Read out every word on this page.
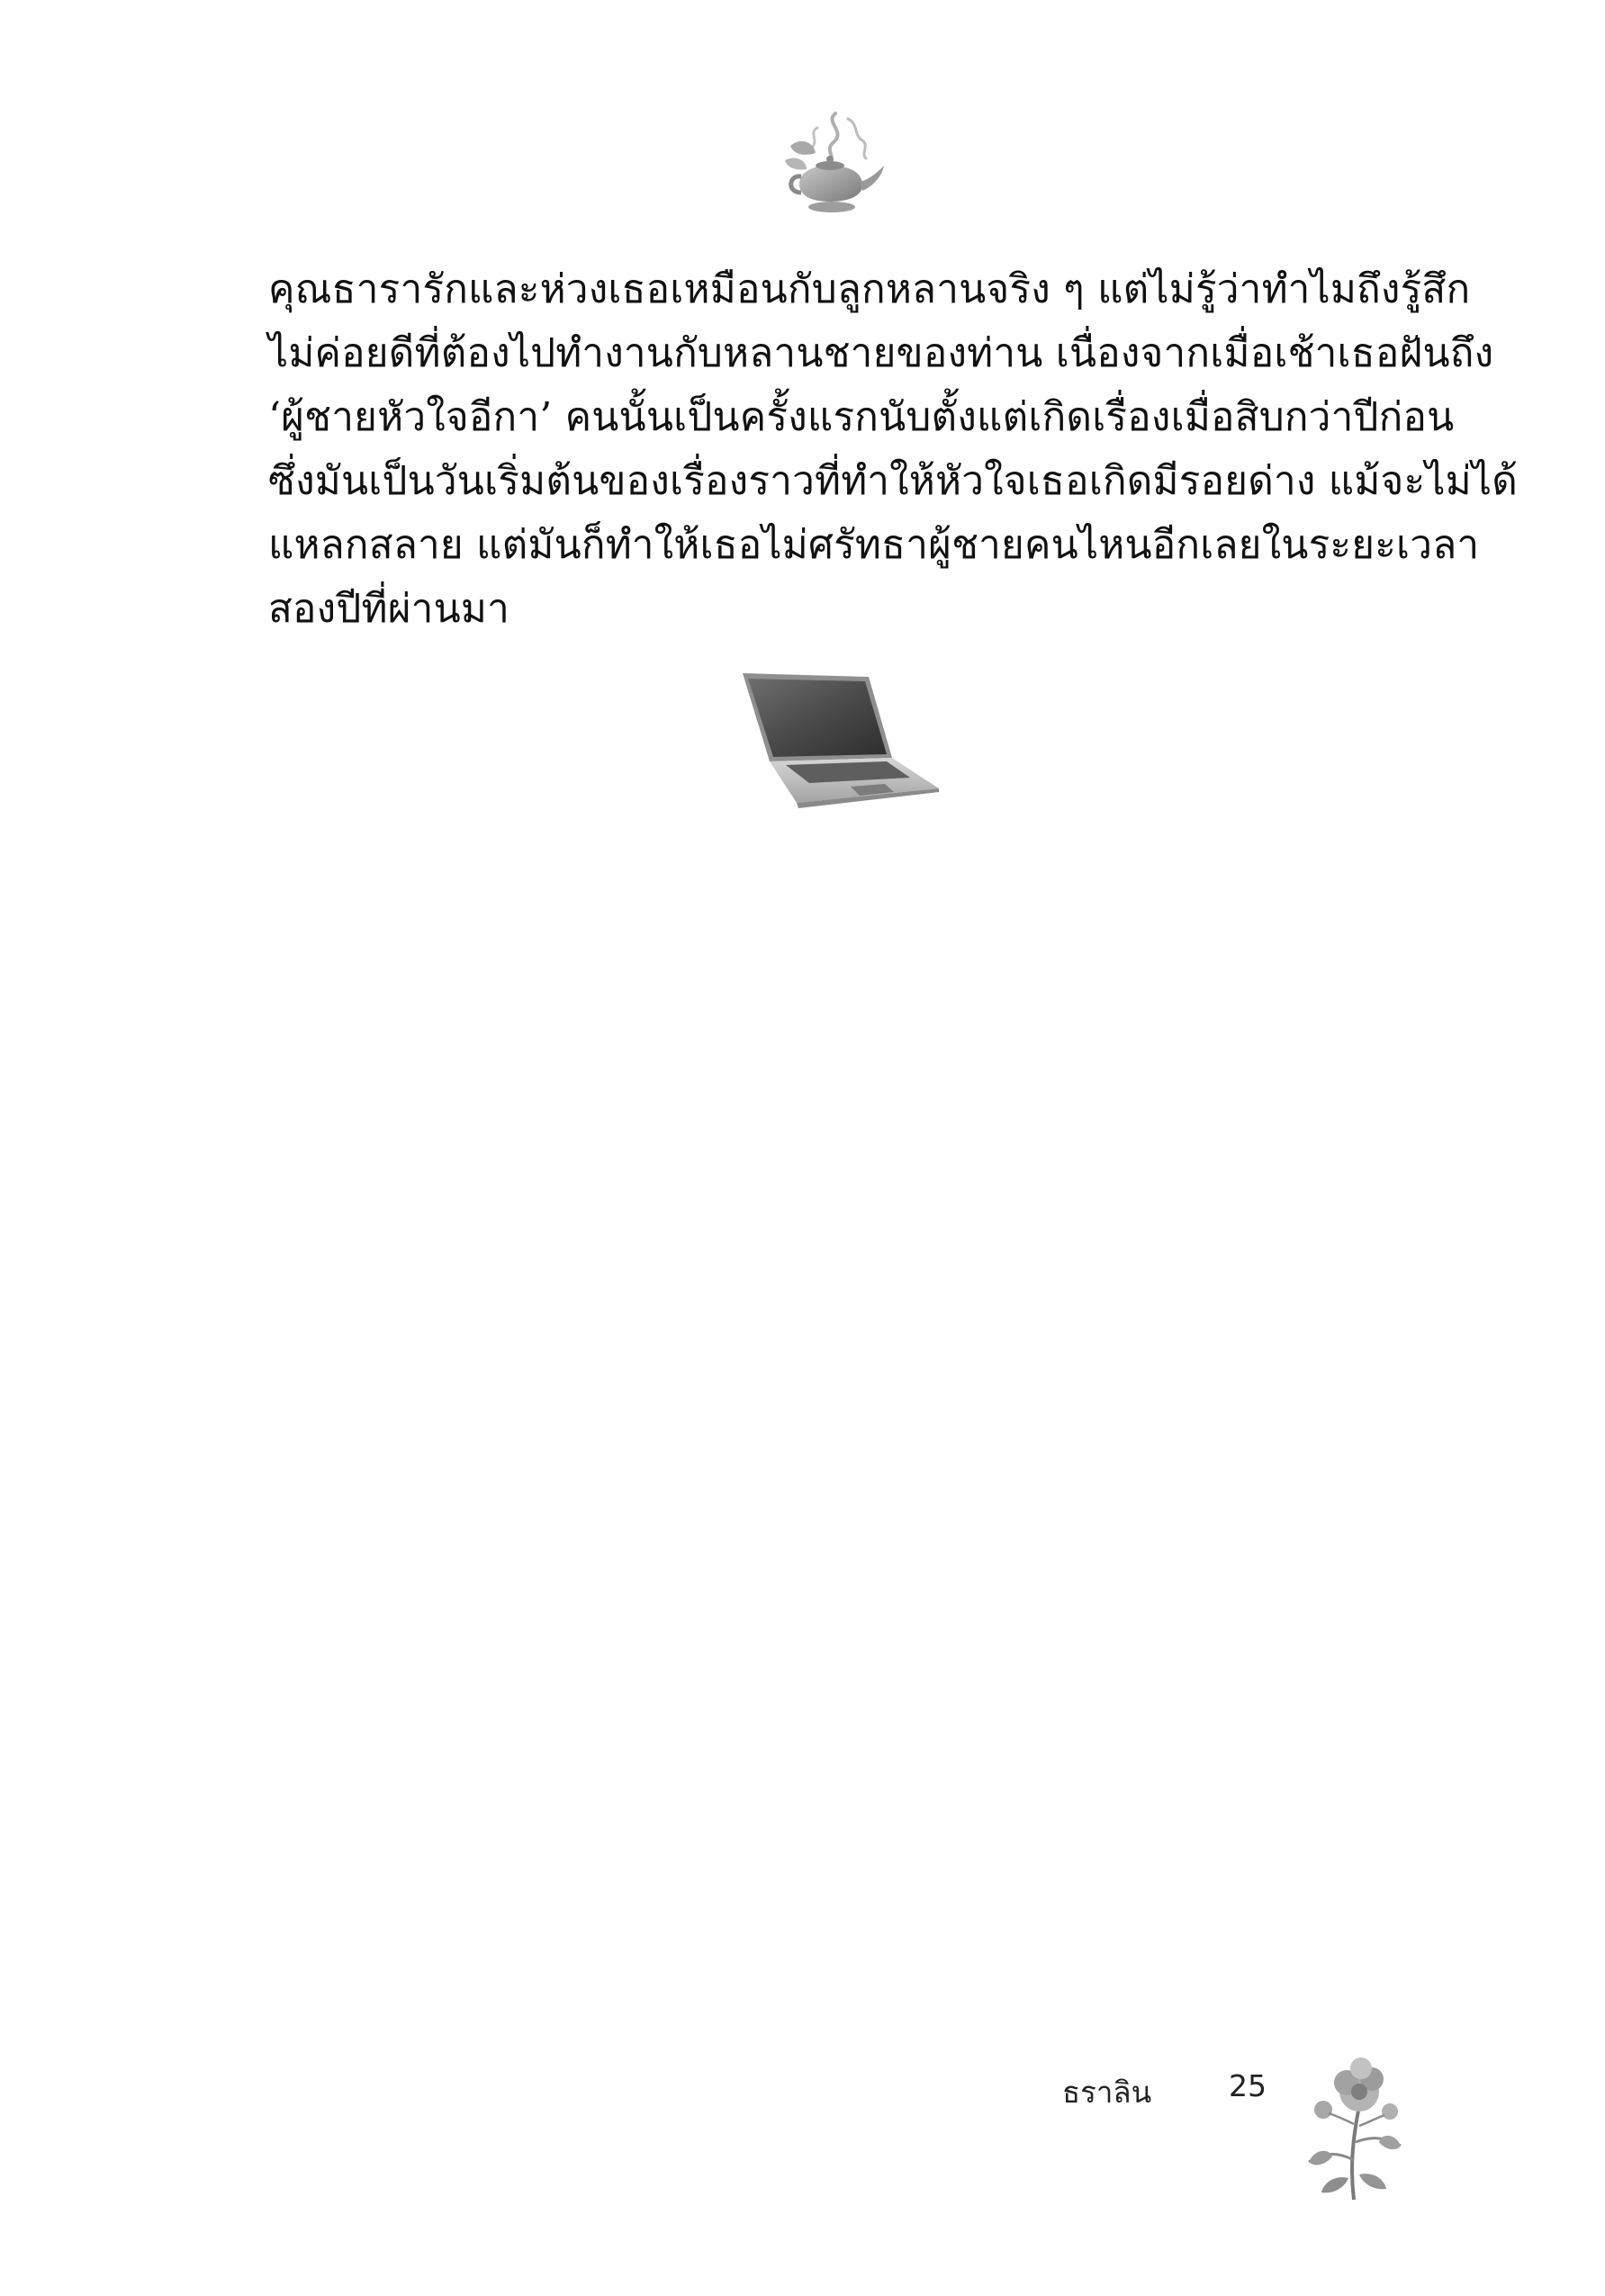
คุณธารารักและห่วงเธอเหมือนกับลูกหลานจริง ๆ แต่ไม่รู้ว่าทำไมถึงรู้สึก
ไม่ค่อยดีที่ต้องไปทำงานกับหลานชายของท่าน เนื่องจากเมื่อเช้าเธอฝันถึง
‘ผู้ชายหัวใจอีกา’ คนนั้นเป็นครั้งแรกนับตั้งแต่เกิดเรื่องเมื่อสิบกว่าปีก่อน
ซึ่งมันเป็นวันเริ่มต้นของเรื่องราวที่ทำให้หัวใจเธอเกิดมีรอยด่าง แม้จะไม่ได้
แหลกสลาย แต่มันก็ทำให้เธอไม่ศรัทธาผู้ชายคนไหนอีกเลยในระยะเวลา
สองปีที่ผ่านมา
ธราลิน	25
